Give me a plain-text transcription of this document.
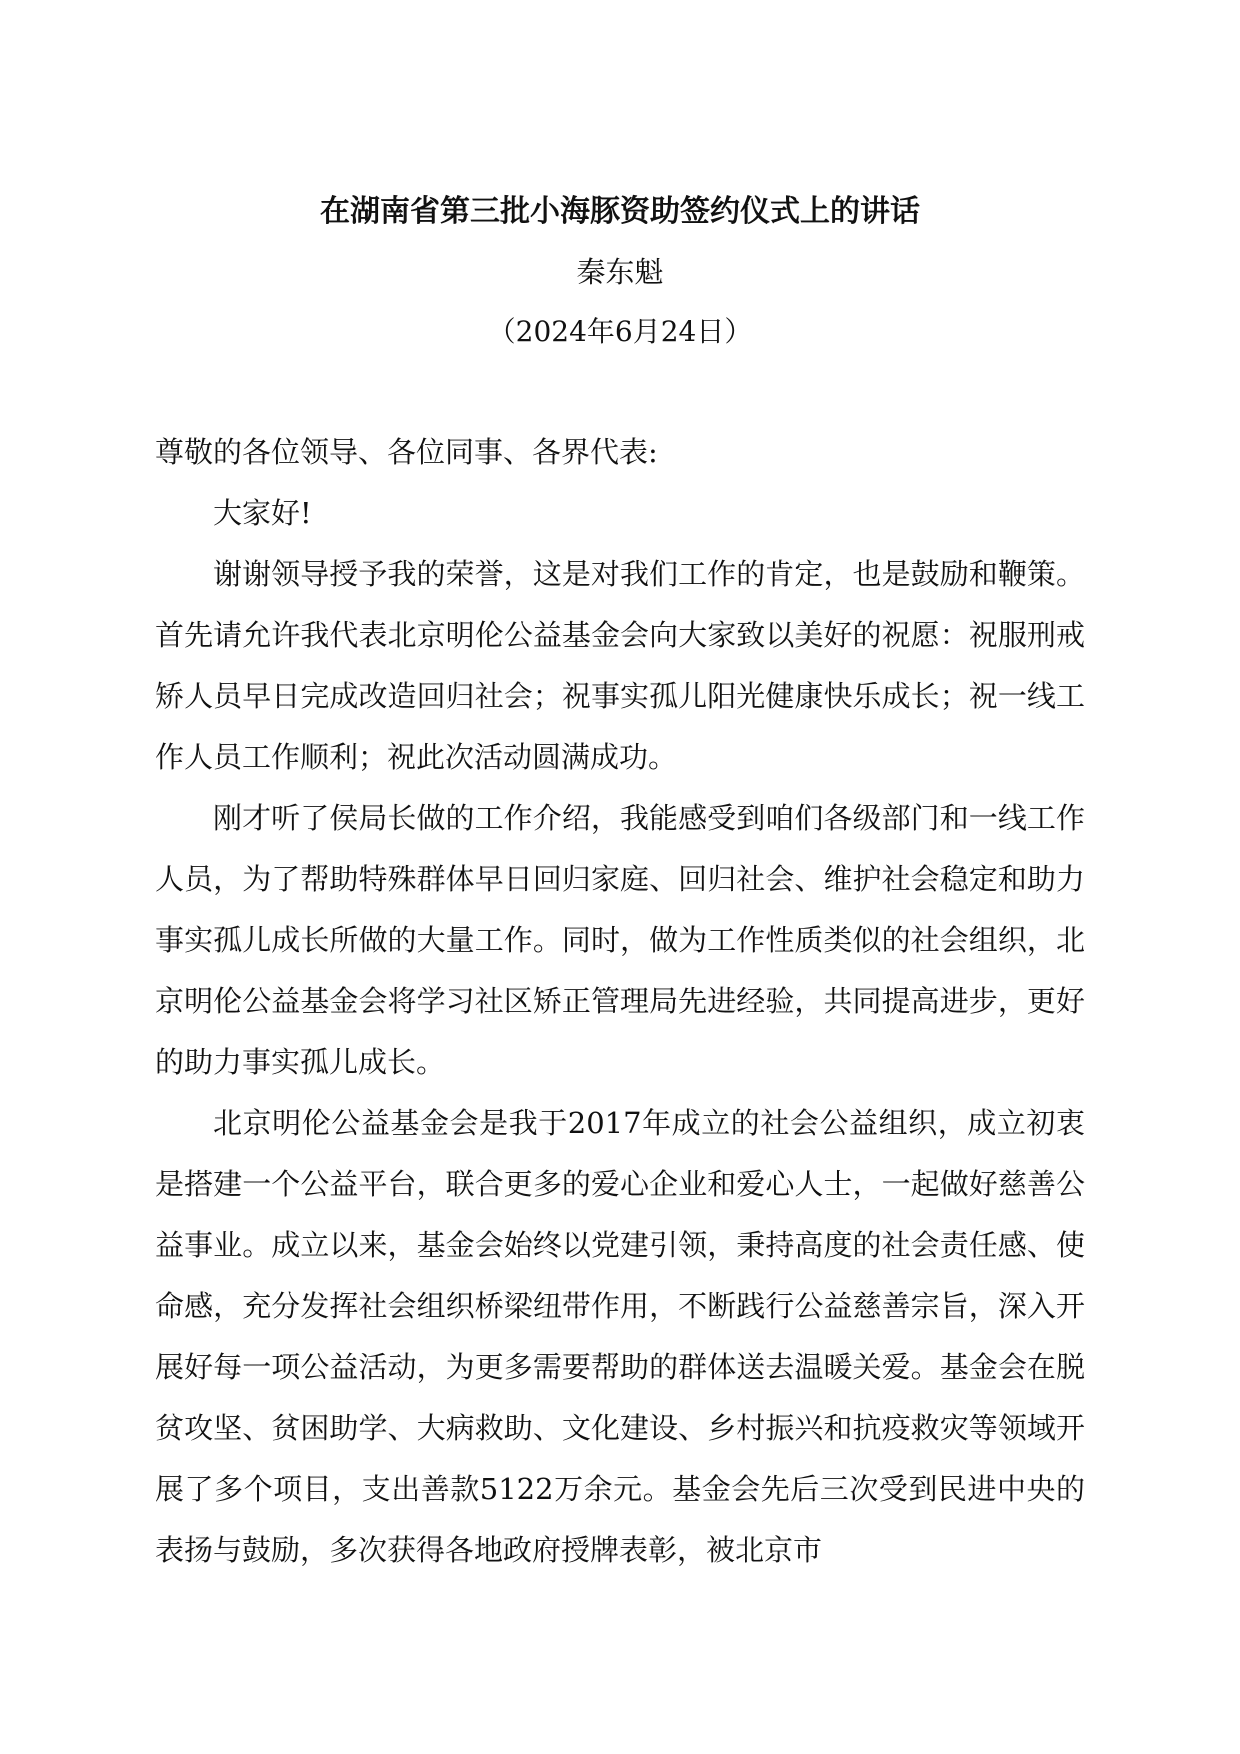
在湖南省第三批小海豚资助签约仪式上的讲话
秦东魁
（2024年6月24日）

尊敬的各位领导、各位同事、各界代表:

大家好!

谢谢领导授予我的荣誉，这是对我们工作的肯定，也是鼓励和鞭策。首先请允许我代表北京明伦公益基金会向大家致以美好的祝愿：祝服刑戒矫人员早日完成改造回归社会；祝事实孤儿阳光健康快乐成长；祝一线工作人员工作顺利；祝此次活动圆满成功。

刚才听了侯局长做的工作介绍，我能感受到咱们各级部门和一线工作人员，为了帮助特殊群体早日回归家庭、回归社会、维护社会稳定和助力事实孤儿成长所做的大量工作。同时，做为工作性质类似的社会组织，北京明伦公益基金会将学习社区矫正管理局先进经验，共同提高进步，更好的助力事实孤儿成长。

北京明伦公益基金会是我于2017年成立的社会公益组织，成立初衷是搭建一个公益平台，联合更多的爱心企业和爱心人士，一起做好慈善公益事业。成立以来，基金会始终以党建引领，秉持高度的社会责任感、使命感，充分发挥社会组织桥梁纽带作用，不断践行公益慈善宗旨，深入开展好每一项公益活动，为更多需要帮助的群体送去温暖关爱。基金会在脱贫攻坚、贫困助学、大病救助、文化建设、乡村振兴和抗疫救灾等领域开展了多个项目，支出善款5122万余元。基金会先后三次受到民进中央的表扬与鼓励，多次获得各地政府授牌表彰，被北京市
